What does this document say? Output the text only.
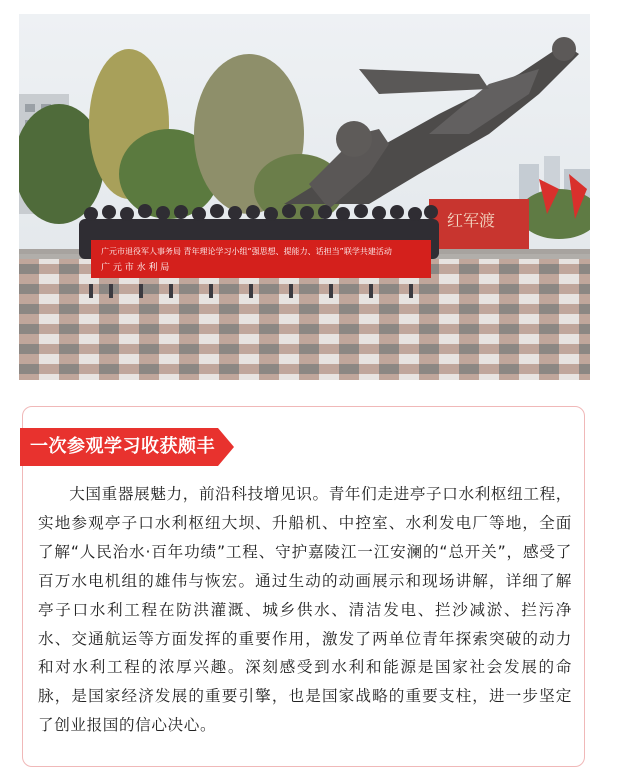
红军渡
广元市退役军人事务局 青年理论学习小组“强思想、提能力、话担当”联学共建活动
广 元 市 水 利 局
一次参观学习收获颇丰

大国重器展魅力，前沿科技增见识。青年们走进亭子口水利枢纽工程，实地参观亭子口水利枢纽大坝、升船机、中控室、水利发电厂等地，全面了解“人民治水·百年功绩”工程、守护嘉陵江一江安澜的“总开关”，感受了百万水电机组的雄伟与恢宏。通过生动的动画展示和现场讲解，详细了解亭子口水利工程在防洪灌溉、城乡供水、清洁发电、拦沙减淤、拦污净水、交通航运等方面发挥的重要作用，激发了两单位青年探索突破的动力和对水利工程的浓厚兴趣。深刻感受到水利和能源是国家社会发展的命脉，是国家经济发展的重要引擎，也是国家战略的重要支柱，进一步坚定了创业报国的信心决心。
